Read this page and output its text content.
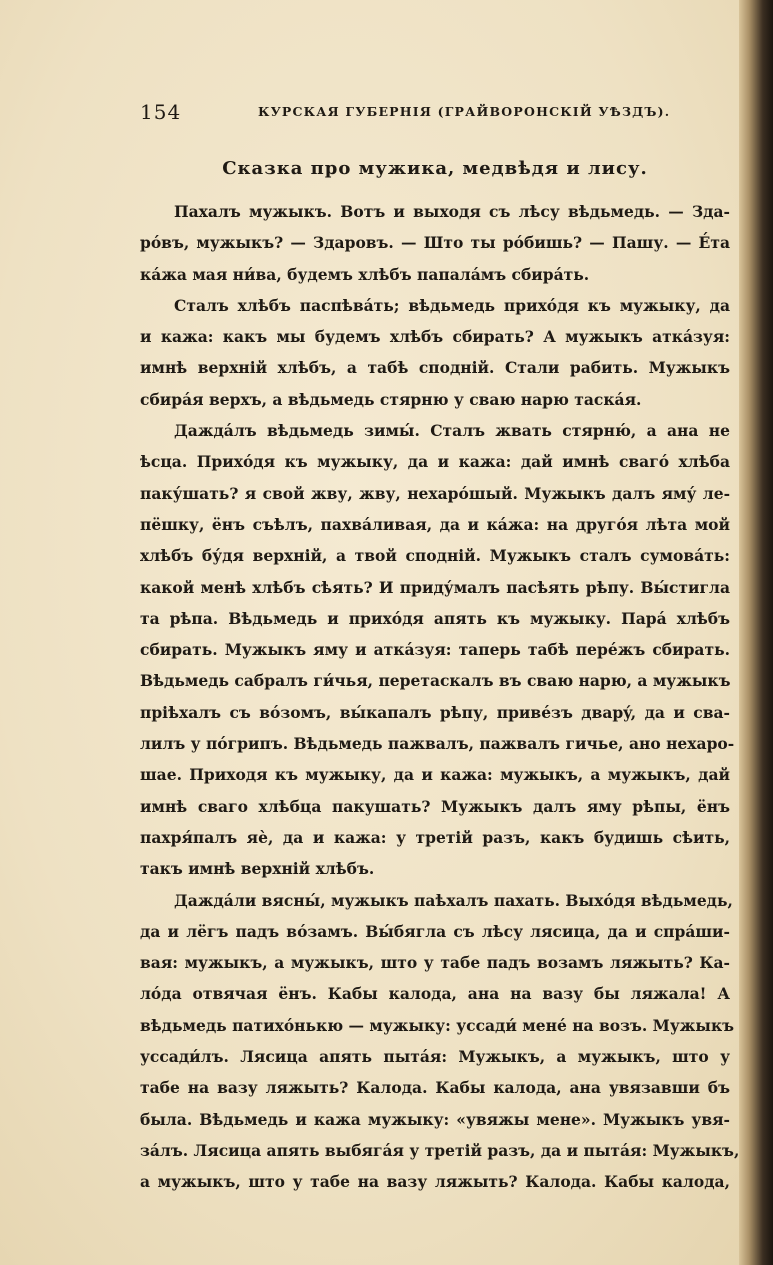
154	КУРСКАЯ ГУБЕРНІЯ (ГРАЙВОРОНСКІЙ УѢЗДЪ).
Сказка про мужика, медвѣдя и лису.
Пахалъ мужыкъ. Вотъ и выходя съ лѣсу вѣдьмедь. — Зда-
ро́въ, мужыкъ? — Здаровъ. — Што ты ро́бишь? — Пашу. — Е́та
ка́жа мая ни́ва, будемъ хлѣбъ папала́мъ сбира́ть.
Сталъ хлѣбъ паспѣва́ть; вѣдьмедь прихо́дя къ мужыку, да
и кажа: какъ мы будемъ хлѣбъ сбирать? А мужыкъ атка́зуя:
имнѣ верхній хлѣбъ, а табѣ споднiй. Стали рабить. Мужыкъ
сбира́я верхъ, а вѣдьмедь стярню у сваю нарю таска́я.
Даждáлъ вѣдьмедь зимы́. Сталъ жвать стярню́, а ана не
ѣсца. Прихо́дя къ мужыку, да и кажа: дай имнѣ сваго́ хлѣба
паку́шать? я свой жву, жву, нехаро́шый. Мужыкъ далъ яму́ ле-
пёшку, ёнъ съѣлъ, пахва́ливая, да и ка́жа: на другóя лѣта мой
хлѣбъ бу́дя верхній, а твой споднiй. Мужыкъ сталъ сумова́ть:
какой менѣ хлѣбъ сѣять? И приду́малъ пасѣять рѣпу. Вы́стигла
та рѣпа. Вѣдьмедь и прихо́дя апять къ мужыку. Пара́ хлѣбъ
сбирать. Мужыкъ яму и атка́зуя: таперь табѣ перéжъ сбирать.
Вѣдьмедь сабралъ ги́чья, перетаскалъ въ сваю нарю, а мужыкъ
прiѣхалъ съ во́зомъ, вы́капалъ рѣпу, приве́зъ дварý, да и сва-
лилъ у пóгрипъ. Вѣдьмедь пажвалъ, пажвалъ гичье, ано нехаро-
шае. Приходя къ мужыку, да и кажа: мужыкъ, а мужыкъ, дай
имнѣ сваго хлѣбца пакушать? Мужыкъ далъ яму рѣпы, ёнъ
пахря́палъ яѐ, да и кажа: у третiй разъ, какъ будишь сѣить,
такъ имнѣ верхній хлѣбъ.
Даждáли вясны́, мужыкъ паѣхалъ пахать. Выхо́дя вѣдьмедь,
да и лёгъ падъ во́замъ. Вы́бягла съ лѣсу лясица, да и спра́ши-
вая: мужыкъ, а мужыкъ, што у табе падъ возамъ ляжыть? Ка-
лóда отвячая ёнъ. Кабы калода, ана на вазу бы ляжала! А
вѣдьмедь патихо́нькю — мужыку: уссади́ менé на возъ. Мужыкъ
уссади́лъ. Лясица апять пытáя: Мужыкъ, а мужыкъ, што у
табе на вазу ляжыть? Калода. Кабы калода, ана увязавши бъ
была. Вѣдьмедь и кажа мужыку: «увяжы мене». Мужыкъ увя-
за́лъ. Лясица апять выбягáя у третiй разъ, да и пытáя: Мужыкъ,
а мужыкъ, што у табе на вазу ляжыть? Калода. Кабы калода,
